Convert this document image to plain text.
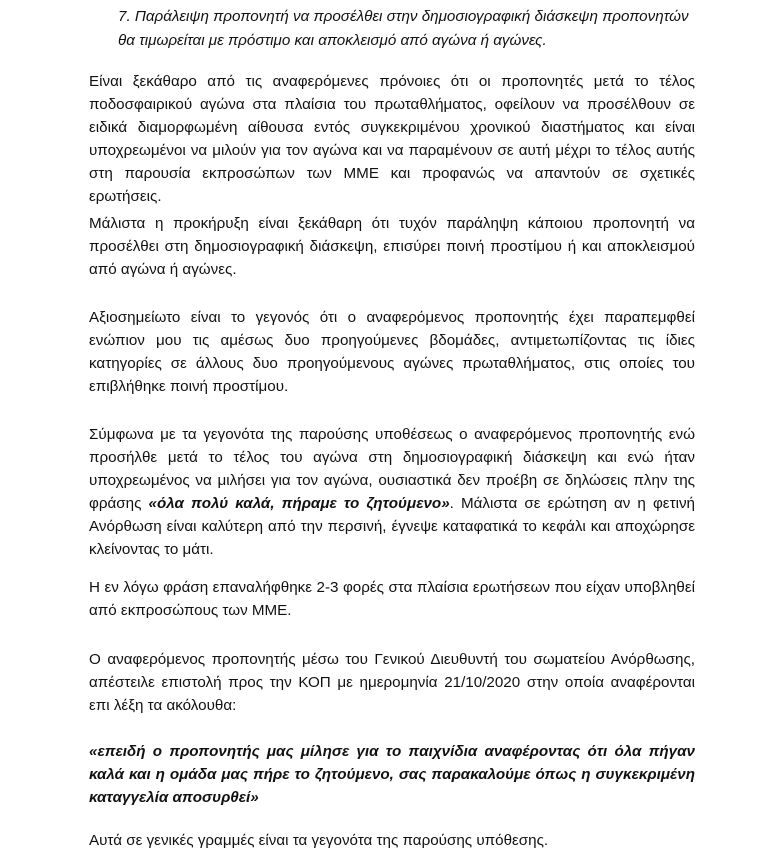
7. Παράλειψη προπονητή να προσέλθει στην δημοσιογραφική διάσκεψη προπονητών θα τιμωρείται με πρόστιμο και αποκλεισμό από αγώνα ή αγώνες.

Είναι ξεκάθαρο από τις αναφερόμενες πρόνοιες ότι οι προπονητές μετά το τέλος ποδοσφαιρικού αγώνα στα πλαίσια του πρωταθλήματος, οφείλουν να προσέλθουν σε ειδικά διαμορφωμένη αίθουσα εντός συγκεκριμένου χρονικού διαστήματος και είναι υποχρεωμένοι να μιλούν για τον αγώνα και να παραμένουν σε αυτή μέχρι το τέλος αυτής στη παρουσία εκπροσώπων των ΜΜΕ και προφανώς να απαντούν σε σχετικές ερωτήσεις.

Μάλιστα η προκήρυξη είναι ξεκάθαρη ότι τυχόν παράληψη κάποιου προπονητή να προσέλθει στη δημοσιογραφική διάσκεψη, επισύρει ποινή προστίμου ή και αποκλεισμού από αγώνα ή αγώνες.

Αξιοσημείωτο είναι το γεγονός ότι ο αναφερόμενος προπονητής έχει παραπεμφθεί ενώπιον μου τις αμέσως δυο προηγούμενες βδομάδες, αντιμετωπίζοντας τις ίδιες κατηγορίες σε άλλους δυο προηγούμενους αγώνες πρωταθλήματος, στις οποίες του επιβλήθηκε ποινή προστίμου.

Σύμφωνα με τα γεγονότα της παρούσης υποθέσεως ο αναφερόμενος προπονητής ενώ προσήλθε μετά το τέλος του αγώνα στη δημοσιογραφική διάσκεψη και ενώ ήταν υποχρεωμένος να μιλήσει για τον αγώνα, ουσιαστικά δεν προέβη σε δηλώσεις πλην της φράσης «όλα πολύ καλά, πήραμε το ζητούμενο». Μάλιστα σε ερώτηση αν η φετινή Ανόρθωση είναι καλύτερη από την περσινή, έγνεψε καταφατικά το κεφάλι και αποχώρησε κλείνοντας το μάτι.

Η εν λόγω φράση επαναλήφθηκε 2-3 φορές στα πλαίσια ερωτήσεων που είχαν υποβληθεί από εκπροσώπους των ΜΜΕ.

Ο αναφερόμενος προπονητής μέσω του Γενικού Διευθυντή του σωματείου Ανόρθωσης, απέστειλε επιστολή προς την ΚΟΠ με ημερομηνία 21/10/2020 στην οποία αναφέρονται επι λέξη τα ακόλουθα:

«επειδή ο προπονητής μας μίλησε για το παιχνίδια αναφέροντας ότι όλα πήγαν καλά και η ομάδα μας πήρε το ζητούμενο, σας παρακαλούμε όπως η συγκεκριμένη καταγγελία αποσυρθεί»

Αυτά σε γενικές γραμμές είναι τα γεγονότα της παρούσης υπόθεσης.
